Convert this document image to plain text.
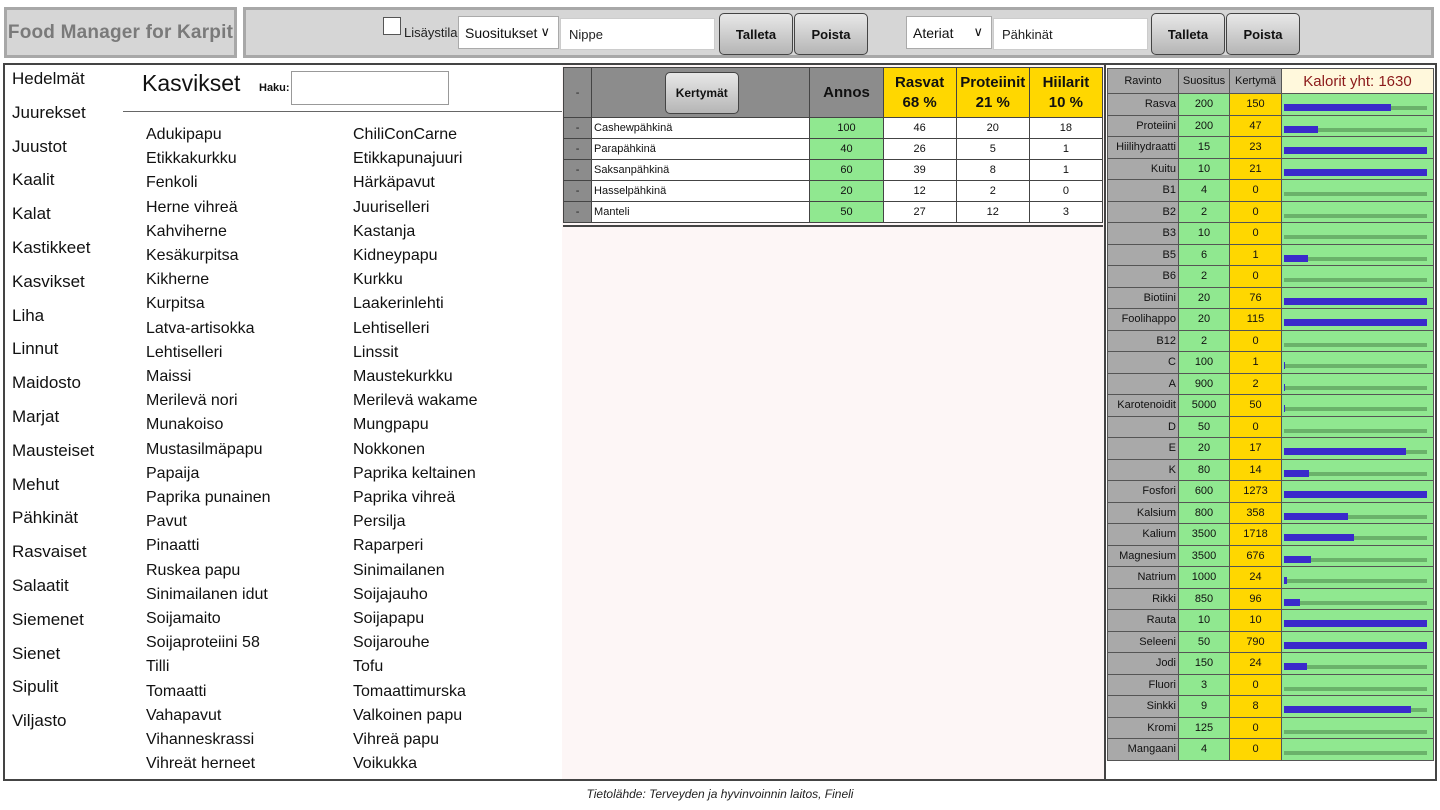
Food Manager for Karpit	Lisäystila Suositukset ∨ Nippe	Talleta	Poista	Ateriat ∨ Pähkinät	Talleta	Poista
Hedelmät
Juurekset
Juustot
Kaalit
Kalat
Kastikkeet
Kasvikset
Liha
Linnut
Maidosto
Marjat
Mausteiset
Mehut
Pähkinät
Rasvaiset
Salaatit
Siemenet
Sienet
Sipulit
Viljasto
Kasvikset Haku:
Adukipapu
Etikkakurkku
Fenkoli
Herne vihreä
Kahviherne
Kesäkurpitsa
Kikherne
Kurpitsa
Latva-artisokka
Lehtiselleri
Maissi
Merilevä nori
Munakoiso
Mustasilmäpapu
Papaija
Paprika punainen
Pavut
Pinaatti
Ruskea papu
Sinimailanen idut
Soijamaito
Soijaproteiini 58
Tilli
Tomaatti
Vahapavut
Vihanneskrassi
Vihreät herneet
ChiliConCarne
Etikkapunajuuri
Härkäpavut
Juuriselleri
Kastanja
Kidneypapu
Kurkku
Laakerinlehti
Lehtiselleri
Linssit
Maustekurkku
Merilevä wakame
Mungpapu
Nokkonen
Paprika keltainen
Paprika vihreä
Persilja
Raparperi
Sinimailanen
Soijajauho
Soijapapu
Soijarouhe
Tofu
Tomaattimurska
Valkoinen papu
Vihreä papu
Voikukka
-	Kertymät	Annos	Rasvat
68 %	Proteiinit
21 %	Hiilarit
10 %

-	Cashewpähkinä	100	46	20	18
-	Parapähkinä	40	26	5	1
-	Saksanpähkinä	60	39	8	1
-	Hasselpähkinä	20	12	2	0
-	Manteli	50	27	12	3
Ravinto	Suositus	Kertymä	Kalorit yht: 1630
Rasva	200	150	

Proteiini	200	47	

Hiilihydraatti	15	23	

Kuitu	10	21	

B1	4	0	

B2	2	0	

B3	10	0	

B5	6	1	

B6	2	0	

Biotiini	20	76	

Foolihappo	20	115	

B12	2	0	

C	100	1	

A	900	2	

Karotenoidit	5000	50	

D	50	0	

E	20	17	

K	80	14	

Fosfori	600	1273	

Kalsium	800	358	

Kalium	3500	1718	

Magnesium	3500	676	

Natrium	1000	24	

Rikki	850	96	

Rauta	10	10	

Seleeni	50	790	

Jodi	150	24	

Fluori	3	0	

Sinkki	9	8	

Kromi	125	0	

Mangaani	4	0	
Tietolähde: Terveyden ja hyvinvoinnin laitos, Fineli
